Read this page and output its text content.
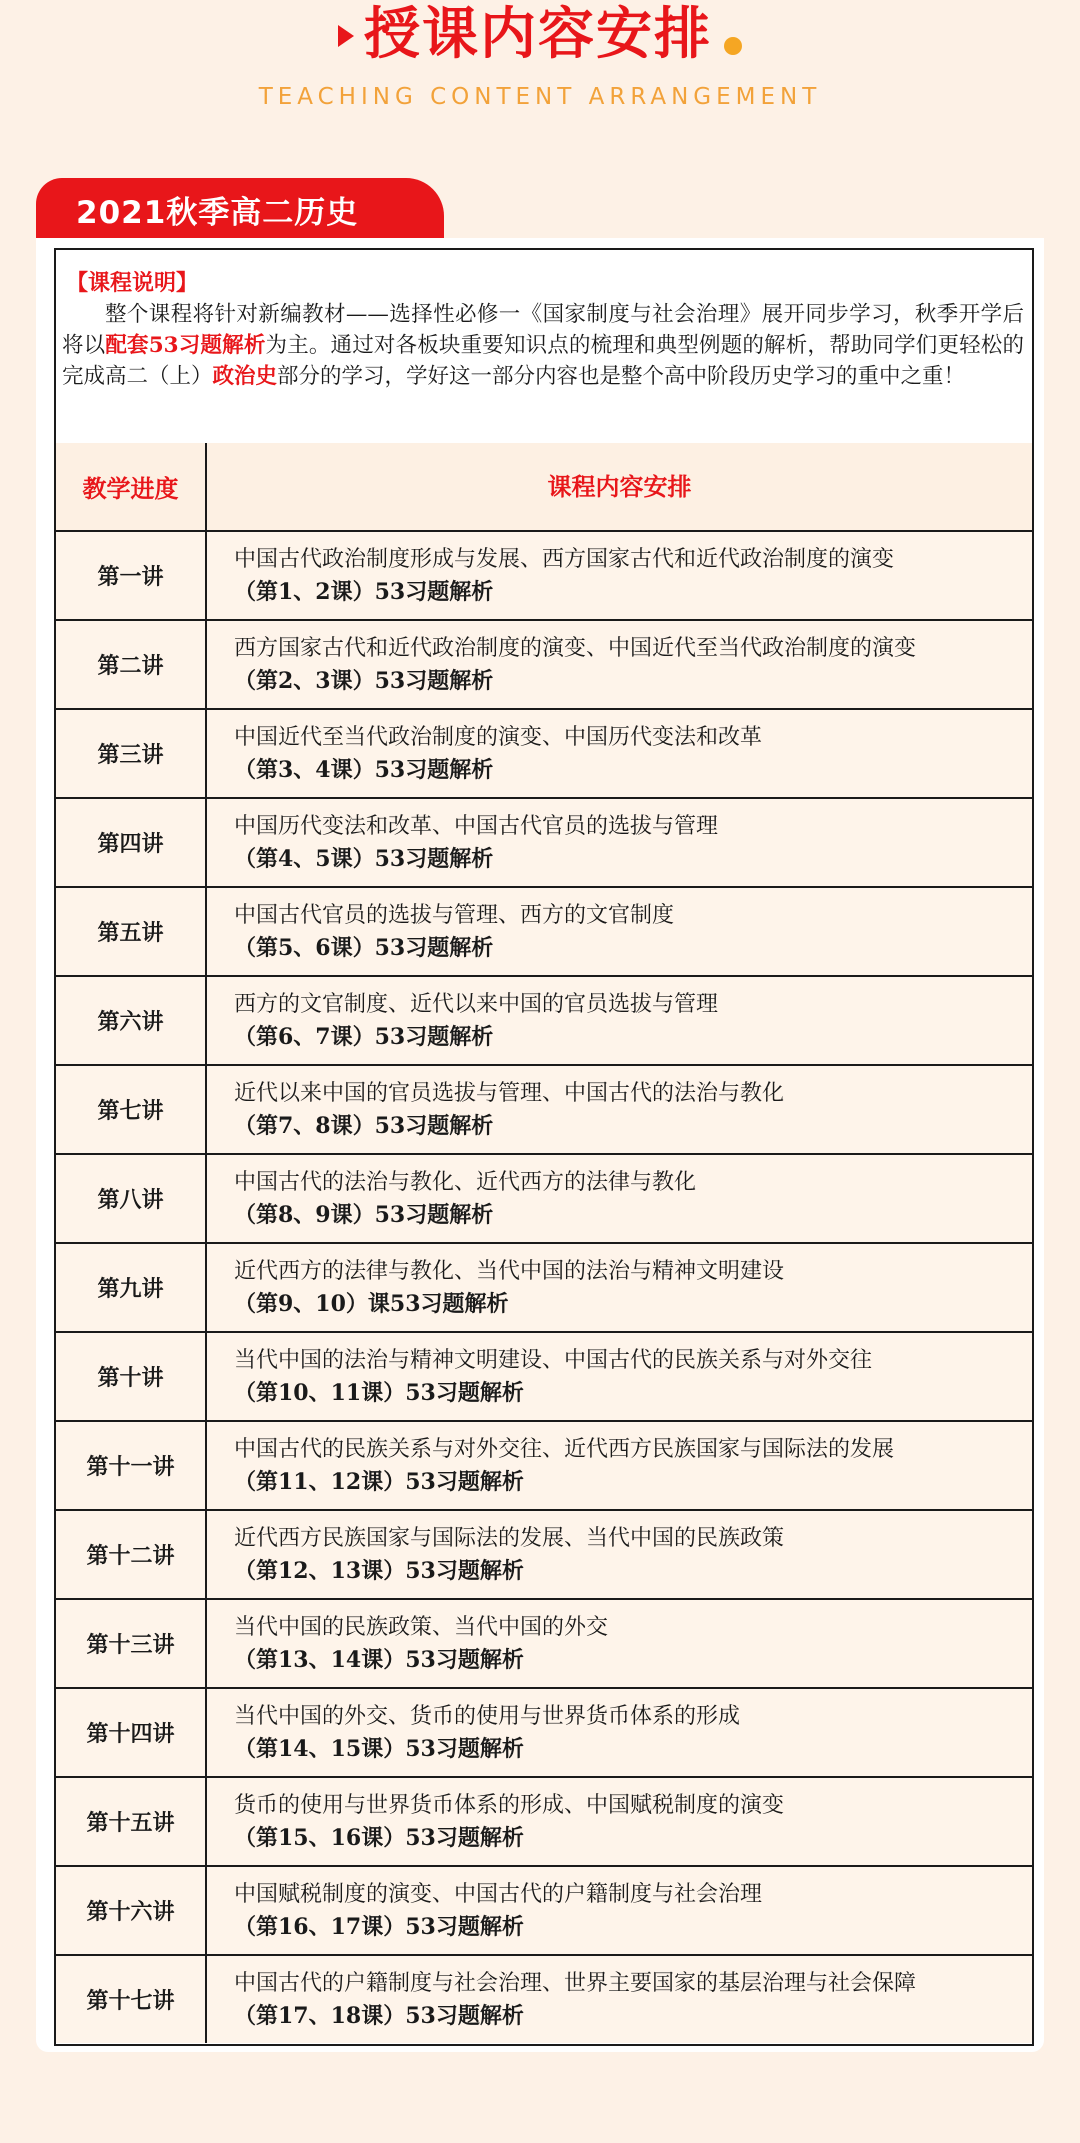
授课内容安排
TEACHING CONTENT ARRANGEMENT
2021秋季高二历史
【课程说明】
整个课程将针对新编教材——选择性必修一《国家制度与社会治理》展开同步学习，秋季开学后将以配套53习题解析为主。通过对各板块重要知识点的梳理和典型例题的解析，帮助同学们更轻松的完成高二（上）政治史部分的学习，学好这一部分内容也是整个高中阶段历史学习的重中之重！
教学进度	课程内容安排
第一讲
中国古代政治制度形成与发展、西方国家古代和近代政治制度的演变
（第1、2课）53习题解析
第二讲
西方国家古代和近代政治制度的演变、中国近代至当代政治制度的演变
（第2、3课）53习题解析
第三讲
中国近代至当代政治制度的演变、中国历代变法和改革
（第3、4课）53习题解析
第四讲
中国历代变法和改革、中国古代官员的选拔与管理
（第4、5课）53习题解析
第五讲
中国古代官员的选拔与管理、西方的文官制度
（第5、6课）53习题解析
第六讲
西方的文官制度、近代以来中国的官员选拔与管理
（第6、7课）53习题解析
第七讲
近代以来中国的官员选拔与管理、中国古代的法治与教化
（第7、8课）53习题解析
第八讲
中国古代的法治与教化、近代西方的法律与教化
（第8、9课）53习题解析
第九讲
近代西方的法律与教化、当代中国的法治与精神文明建设
（第9、10）课53习题解析
第十讲
当代中国的法治与精神文明建设、中国古代的民族关系与对外交往
（第10、11课）53习题解析
第十一讲
中国古代的民族关系与对外交往、近代西方民族国家与国际法的发展
（第11、12课）53习题解析
第十二讲
近代西方民族国家与国际法的发展、当代中国的民族政策
（第12、13课）53习题解析
第十三讲
当代中国的民族政策、当代中国的外交
（第13、14课）53习题解析
第十四讲
当代中国的外交、货币的使用与世界货币体系的形成
（第14、15课）53习题解析
第十五讲
货币的使用与世界货币体系的形成、中国赋税制度的演变
（第15、16课）53习题解析
第十六讲
中国赋税制度的演变、中国古代的户籍制度与社会治理
（第16、17课）53习题解析
第十七讲
中国古代的户籍制度与社会治理、世界主要国家的基层治理与社会保障
（第17、18课）53习题解析
